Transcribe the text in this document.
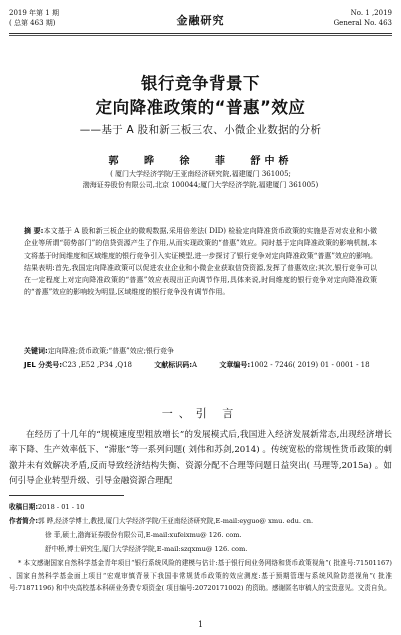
2019 年第 1 期
( 总第 463 期)	金融研究
No. 1 ,2019
General No. 463
银行竞争背景下
定向降准政策的“普惠”效应
——基于 A 股和新三板三农、小微企业数据的分析
郭 晔 徐 菲 舒中桥
( 厦门大学经济学院/王亚南经济研究院,福建厦门 361005;
渤海证券股份有限公司,北京 100044;厦门大学经济学院,福建厦门 361005)
摘 要:本文基于 A 股和新三板企业的微观数据,采用倍差法( DID) 检验定向降准货币政策的实施是否对农业和小微企业等所谓“弱势部门”的信贷资源产生了作用,从而实现政策的“普惠”效应。同时基于定向降准政策的影响机制,本文将基于时间维度和区域维度的银行竞争引入实证模型,进一步探讨了银行竞争对定向降准政策“普惠”效应的影响。结果表明:首先,我国定向降准政策可以促进农业企业和小微企业获取信贷资源,发挥了普惠效应;其次,银行竞争可以在一定程度上对定向降准政策的“普惠”效应表现出正向调节作用,具体来说,时间维度的银行竞争对定向降准政策的“普惠”效应的影响较为明显,区域维度的银行竞争没有调节作用。
关键词:定向降准;货币政策;“普惠”效应;银行竞争
JEL 分类号:C23 ,E52 ,P34 ,Q18	文献标识码:A	文章编号:1002 - 7246( 2019) 01 - 0001 - 18
一、引 言
在经历了十几年的“规模速度型粗放增长”的发展模式后,我国进入经济发展新常态,出现经济增长率下降、生产效率低下、“滞胀”等一系列问题( 刘伟和苏剑,2014) 。传统宽松的常规性货币政策的刺激并未有效解决矛盾,反而导致经济结构失衡、资源分配不合理等问题日益突出( 马理等,2015a) 。如何引导企业转型升级、引导金融资源合理配
收稿日期:2018 - 01 - 10
作者简介:郭 晔,经济学博士,教授,厦门大学经济学院/王亚南经济研究院,E-mail:eyguo@ xmu. edu. cn.
徐 菲,硕士,渤海证券股份有限公司,E-mail:xufeixmu@ 126. com.
舒中桥,博士研究生,厦门大学经济学院,E-mail:szqxmu@ 126. com.
* 本文感谢国家自然科学基金青年项目“银行系统风险的建模与估计:基于银行间业务网络和货币政策视角”( 批准号:71501167) 、国家自然科学基金面上项目“宏观审慎背景下我国非常规货币政策的效应测度:基于预期管理与系统风险防范视角”( 批准号:71871196) 和中央高校基本科研业务费专项资金( 项目编号:20720171002) 的资助。感谢匿名审稿人的宝贵意见。文责自负。
1
